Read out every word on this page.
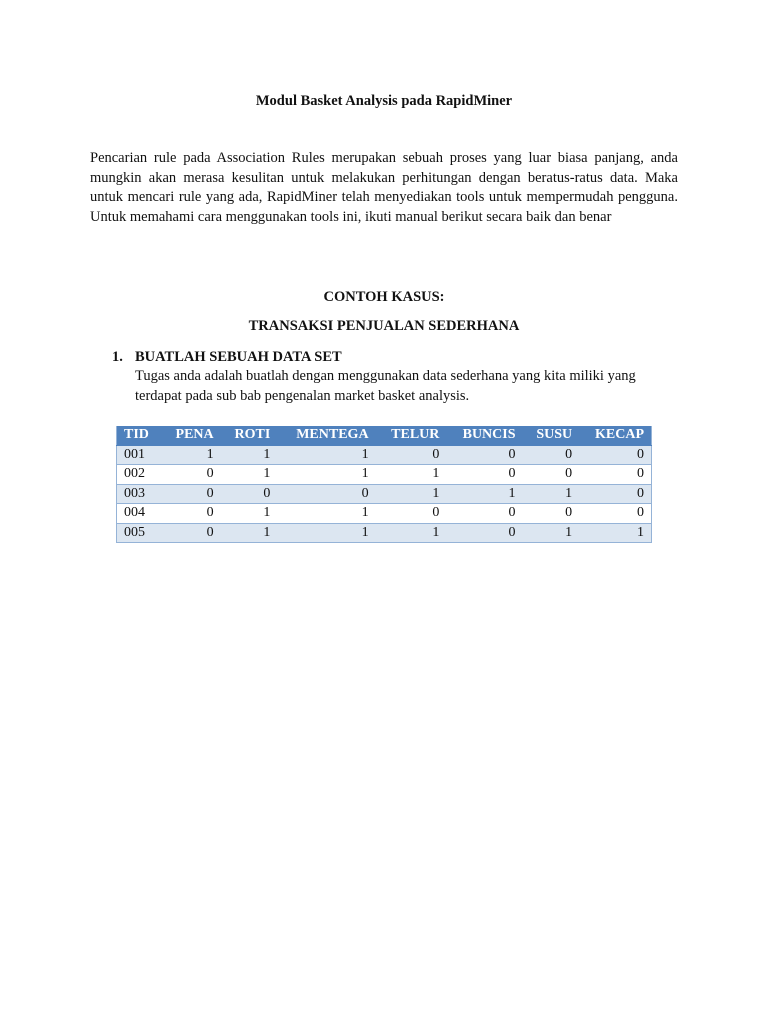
Modul Basket Analysis pada RapidMiner

Pencarian rule pada Association Rules merupakan sebuah proses yang luar biasa panjang, anda mungkin akan merasa kesulitan untuk melakukan perhitungan dengan beratus-ratus data. Maka untuk mencari rule yang ada, RapidMiner telah menyediakan tools untuk mempermudah pengguna. Untuk memahami cara menggunakan tools ini, ikuti manual berikut secara baik dan benar

CONTOH KASUS:
TRANSAKSI PENJUALAN SEDERHANA
1. BUATLAH SEBUAH DATA SET
Tugas anda adalah buatlah dengan menggunakan data sederhana yang kita miliki yang terdapat pada sub bab pengenalan market basket analysis.
TID	PENA	ROTI	MENTEGA	TELUR	BUNCIS	SUSU	KECAP
001	1	1	1	0	0	0	0
002	0	1	1	1	0	0	0
003	0	0	0	1	1	1	0
004	0	1	1	0	0	0	0
005	0	1	1	1	0	1	1
